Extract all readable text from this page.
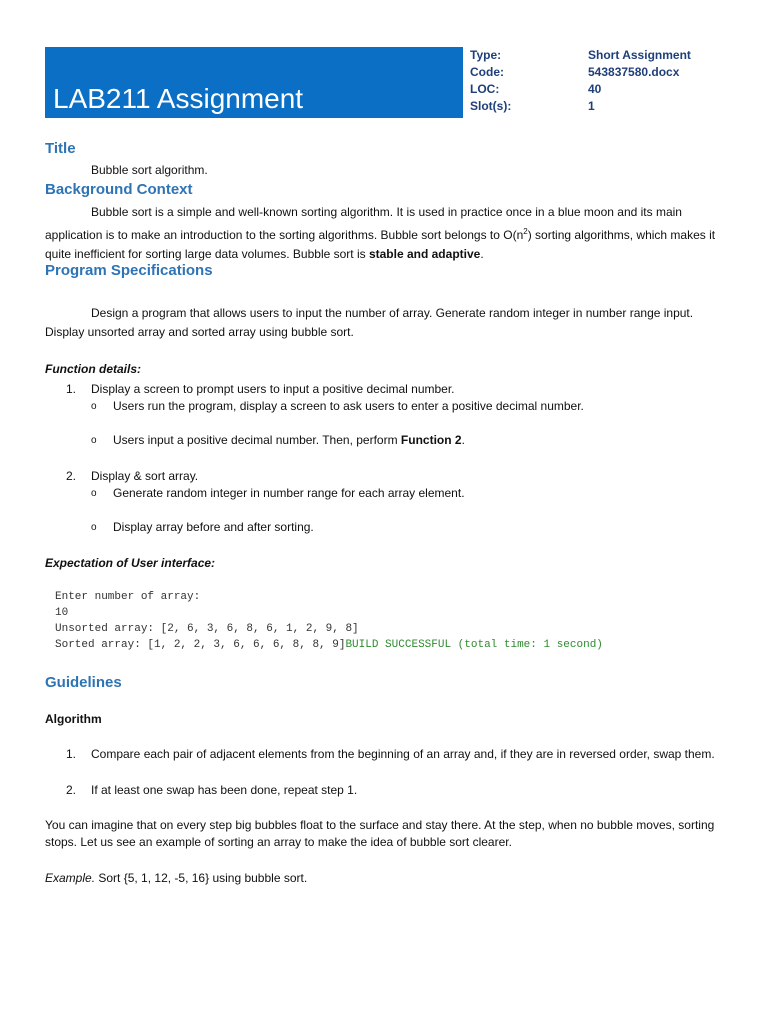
LAB211 Assignment
Type:	Short Assignment
Code:	543837580.docx
LOC:	40
Slot(s):	1
Title
Bubble sort algorithm.
Background Context
Bubble sort is a simple and well-known sorting algorithm. It is used in practice once in a blue moon and its main application is to make an introduction to the sorting algorithms. Bubble sort belongs to $O(n^2)$ sorting algorithms, which makes it quite inefficient for sorting large data volumes. Bubble sort is stable and adaptive.
Program Specifications
Design a program that allows users to input the number of array. Generate random integer in number range input. Display unsorted array and sorted array using bubble sort.
Function details:
1. Display a screen to prompt users to input a positive decimal number.
o Users run the program, display a screen to ask users to enter a positive decimal number.
o Users input a positive decimal number. Then, perform Function 2.
2. Display & sort array.
o Generate random integer in number range for each array element.
o Display array before and after sorting.
Expectation of User interface:
Enter number of array:
10
Unsorted array: [2, 6, 3, 6, 8, 6, 1, 2, 9, 8]
Sorted array: [1, 2, 2, 3, 6, 6, 6, 8, 8, 9]BUILD SUCCESSFUL (total time: 1 second)
Guidelines
Algorithm
1. Compare each pair of adjacent elements from the beginning of an array and, if they are in reversed order, swap them.
2. If at least one swap has been done, repeat step 1.
You can imagine that on every step big bubbles float to the surface and stay there. At the step, when no bubble moves, sorting stops. Let us see an example of sorting an array to make the idea of bubble sort clearer.
Example. Sort {5, 1, 12, -5, 16} using bubble sort.
